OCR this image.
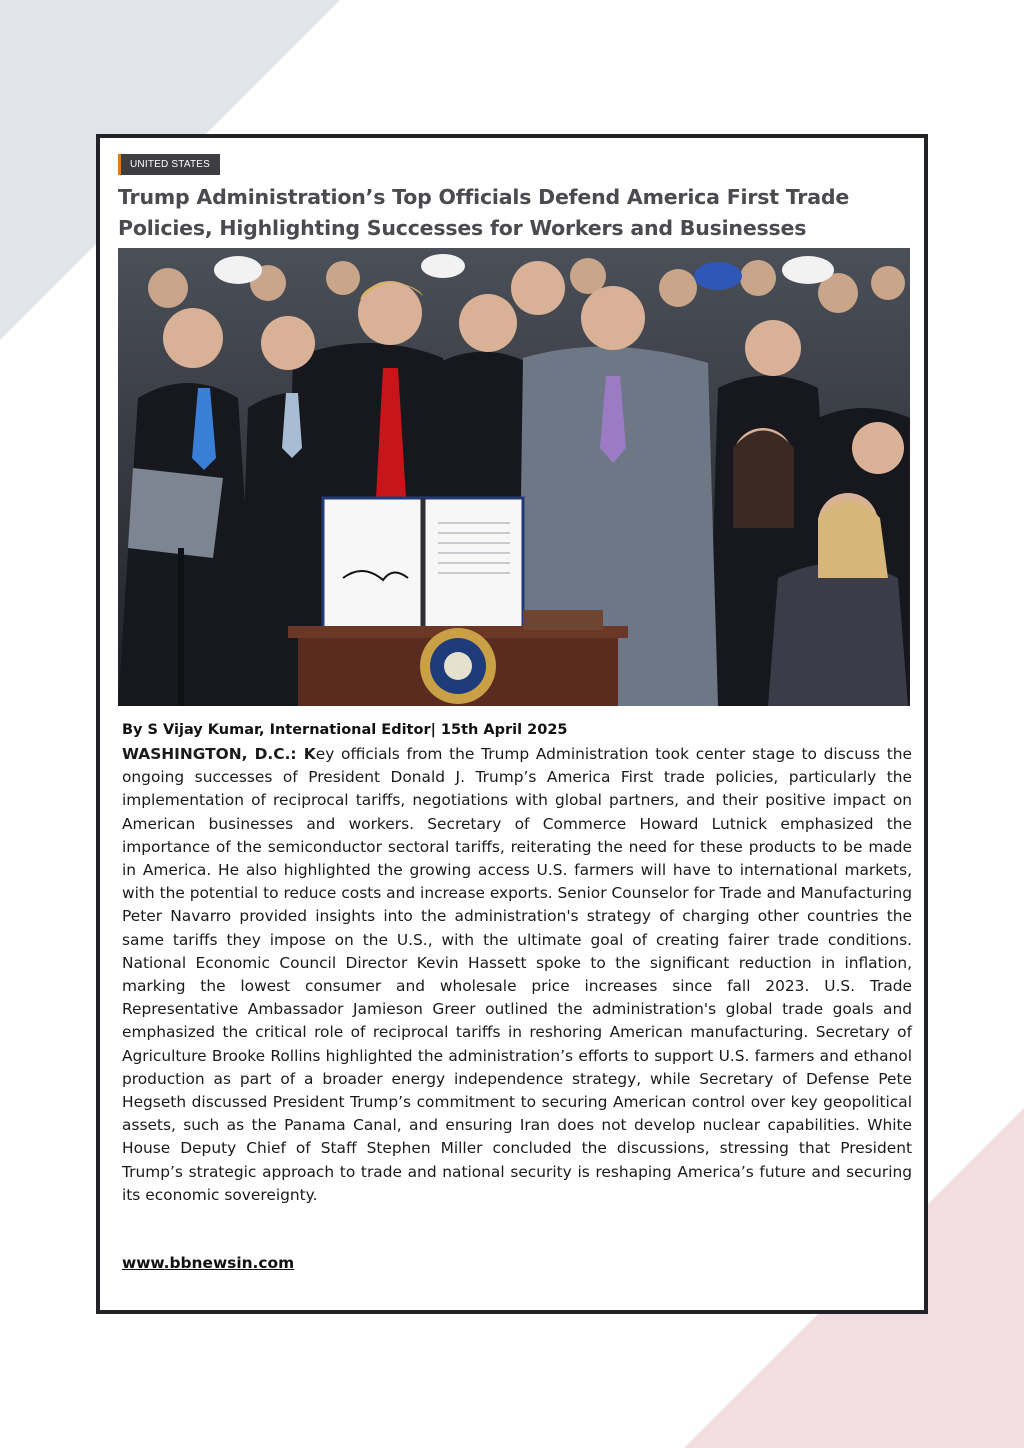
UNITED STATES
Trump Administration’s Top Officials Defend America First Trade Policies, Highlighting Successes for Workers and Businesses
By S Vijay Kumar, International Editor| 15th April 2025

WASHINGTON, D.C.: Key officials from the Trump Administration took center stage to discuss the ongoing successes of President Donald J. Trump’s America First trade policies, particularly the implementation of reciprocal tariffs, negotiations with global partners, and their positive impact on American businesses and workers. Secretary of Commerce Howard Lutnick emphasized the importance of the semiconductor sectoral tariffs, reiterating the need for these products to be made in America. He also highlighted the growing access U.S. farmers will have to international markets, with the potential to reduce costs and increase exports. Senior Counselor for Trade and Manufacturing Peter Navarro provided insights into the administration's strategy of charging other countries the same tariffs they impose on the U.S., with the ultimate goal of creating fairer trade conditions. National Economic Council Director Kevin Hassett spoke to the significant reduction in inflation, marking the lowest consumer and wholesale price increases since fall 2023. U.S. Trade Representative Ambassador Jamieson Greer outlined the administration's global trade goals and emphasized the critical role of reciprocal tariffs in reshoring American manufacturing. Secretary of Agriculture Brooke Rollins highlighted the administration’s efforts to support U.S. farmers and ethanol production as part of a broader energy independence strategy, while Secretary of Defense Pete Hegseth discussed President Trump’s commitment to securing American control over key geopolitical assets, such as the Panama Canal, and ensuring Iran does not develop nuclear capabilities. White House Deputy Chief of Staff Stephen Miller concluded the discussions, stressing that President Trump’s strategic approach to trade and national security is reshaping America’s future and securing its economic sovereignty.

www.bbnewsin.com
